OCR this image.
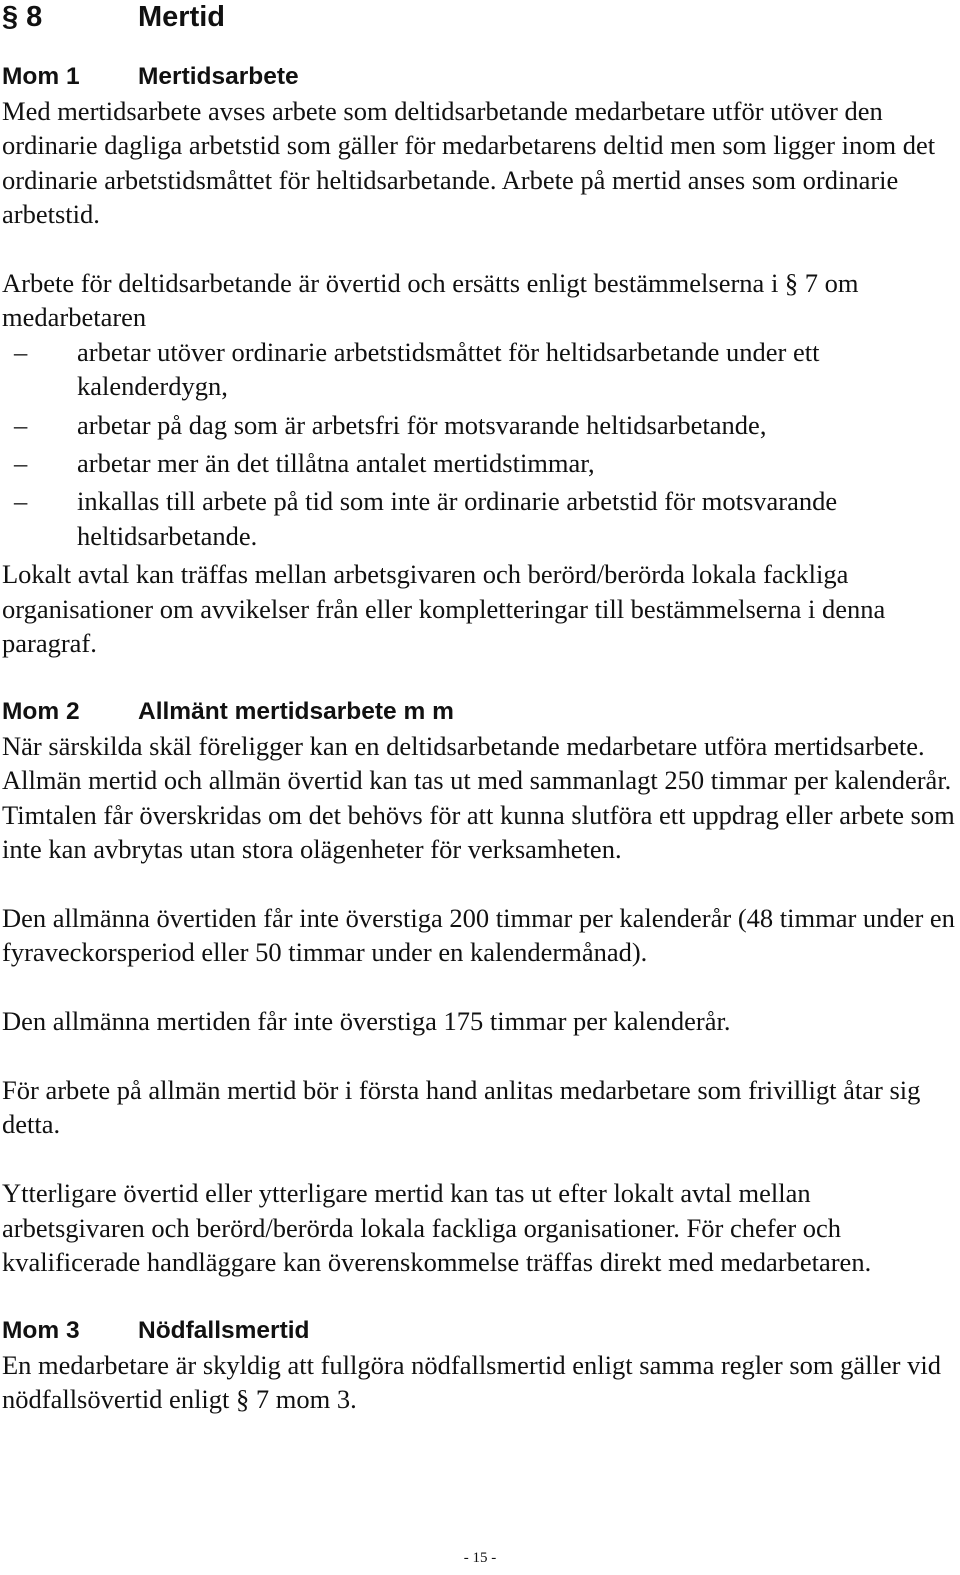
§ 8	Mertid
Mom 1	Mertidsarbete

Med mertidsarbete avses arbete som deltidsarbetande medarbetare utför utöver den ordinarie dagliga arbetstid som gäller för medarbetarens deltid men som ligger inom det ordinarie arbetstidsmåttet för heltidsarbetande. Arbete på mertid anses som ordinarie arbetstid.

Arbete för deltidsarbetande är övertid och ersätts enligt bestämmelserna i § 7 om medarbetaren

– arbetar utöver ordinarie arbetstidsmåttet för heltidsarbetande under ett kalenderdygn,
– arbetar på dag som är arbetsfri för motsvarande heltidsarbetande,
– arbetar mer än det tillåtna antalet mertidstimmar,
– inkallas till arbete på tid som inte är ordinarie arbetstid för motsvarande heltidsarbetande.

Lokalt avtal kan träffas mellan arbetsgivaren och berörd/berörda lokala fackliga organisationer om avvikelser från eller kompletteringar till bestämmelserna i denna paragraf.

Mom 2	Allmänt mertidsarbete m m

När särskilda skäl föreligger kan en deltidsarbetande medarbetare utföra mertidsarbete. Allmän mertid och allmän övertid kan tas ut med sammanlagt 250 timmar per kalenderår. Timtalen får överskridas om det behövs för att kunna slutföra ett uppdrag eller arbete som inte kan avbrytas utan stora olägenheter för verksamheten.

Den allmänna övertiden får inte överstiga 200 timmar per kalenderår (48 timmar under en fyraveckorsperiod eller 50 timmar under en kalendermånad).

Den allmänna mertiden får inte överstiga 175 timmar per kalenderår.

För arbete på allmän mertid bör i första hand anlitas medarbetare som frivilligt åtar sig detta.

Ytterligare övertid eller ytterligare mertid kan tas ut efter lokalt avtal mellan arbetsgivaren och berörd/berörda lokala fackliga organisationer. För chefer och kvalificerade handläggare kan överenskommelse träffas direkt med medarbetaren.

Mom 3	Nödfallsmertid

En medarbetare är skyldig att fullgöra nödfallsmertid enligt samma regler som gäller vid nödfallsövertid enligt § 7 mom 3.

- 15 -
